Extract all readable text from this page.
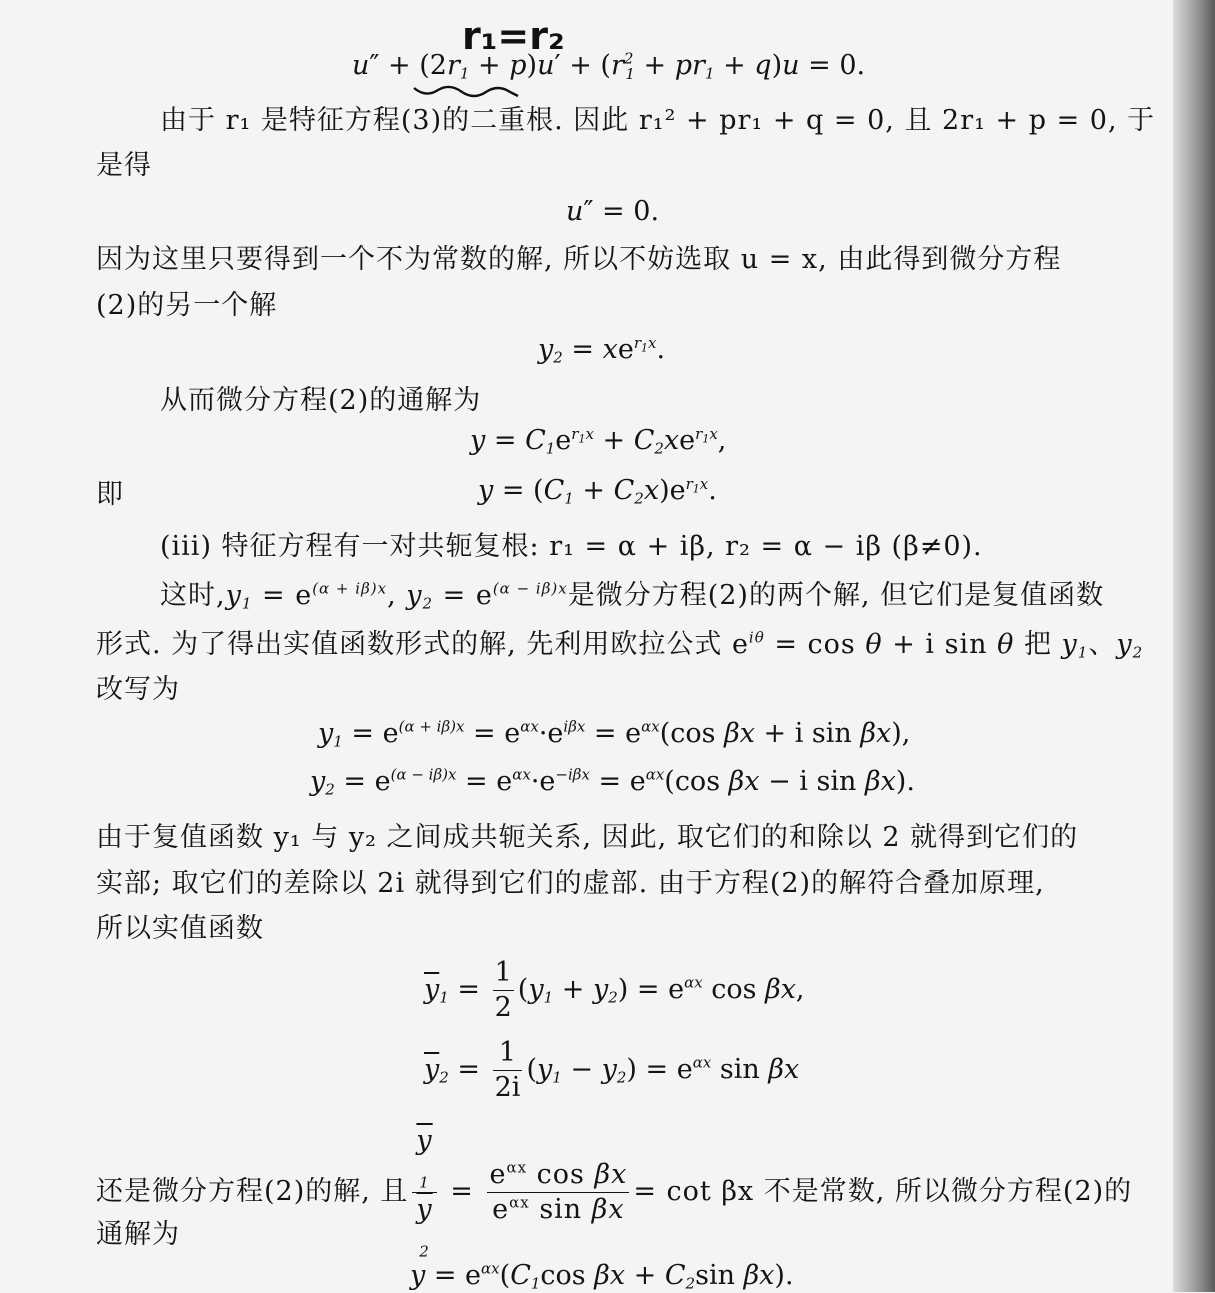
r₁=r₂
$u'' + (2r_1 + p)u' + (r^2_1 + pr_1 + q)u = 0$.
由于 r₁ 是特征方程(3)的二重根. 因此 r₁² + pr₁ + q = 0, 且 2r₁ + p = 0, 于
是得
u″ = 0.
因为这里只要得到一个不为常数的解, 所以不妨选取 u = x, 由此得到微分方程
(2)的另一个解
$y_2 = xe^{r_1x}$.
从而微分方程(2)的通解为
$y = C_1e^{r_1x} + C_2xe^{r_1x}$,
即	$y = (C_1 + C_2x)e^{r_1x}$.
(iii) 特征方程有一对共轭复根: r₁ = α + iβ, r₂ = α − iβ (β≠0).
这时$,y_1 = e^{(\alpha + i\beta)x}$, $y_2 = e^{(\alpha - i\beta)x}$是微分方程(2)的两个解, 但它们是复值函数
形式. 为了得出实值函数形式的解, 先利用欧拉公式 $e^{i\theta} = \cos \theta + i$ sin θ 把 $y_1$、$y_2$
改写为
$y_1 = e^{(\alpha + i\beta)x} = e^{\alpha x}\cdot e^{i\beta x} = e^{\alpha x}(\cos$ βx + i sin βx),
$y_2 = e^{(\alpha - i\beta)x} = e^{\alpha x}\cdot e^{-i\beta x} = e^{\alpha x}(\cos$ βx − i sin βx).
由于复值函数 y₁ 与 y₂ 之间成共轭关系, 因此, 取它们的和除以 2 就得到它们的
实部; 取它们的差除以 2i 就得到它们的虚部. 由于方程(2)的解符合叠加原理,
所以实值函数
$\overline{y}_1 = \frac{1}{2} (y_1 + y_2) = e^{\alpha x}$ cos βx,
$\overline{y}_2 = \frac{1}{2i} (y_1 - y_2) = e^{\alpha x}$ sin βx
还是微分方程(2)的解, 且 $\overline{y}$
$_1$
$\overline{y}$
$_2 = \frac{e^{\alpha x} \cos \beta x}{e^{\alpha x} \sin \beta x} = \cot \beta x$ 不是常数, 所以微分方程(2)的
通解为
$y = e^{\alpha x}(C_1\cos$ $\beta x + C_2\sin$ βx).
